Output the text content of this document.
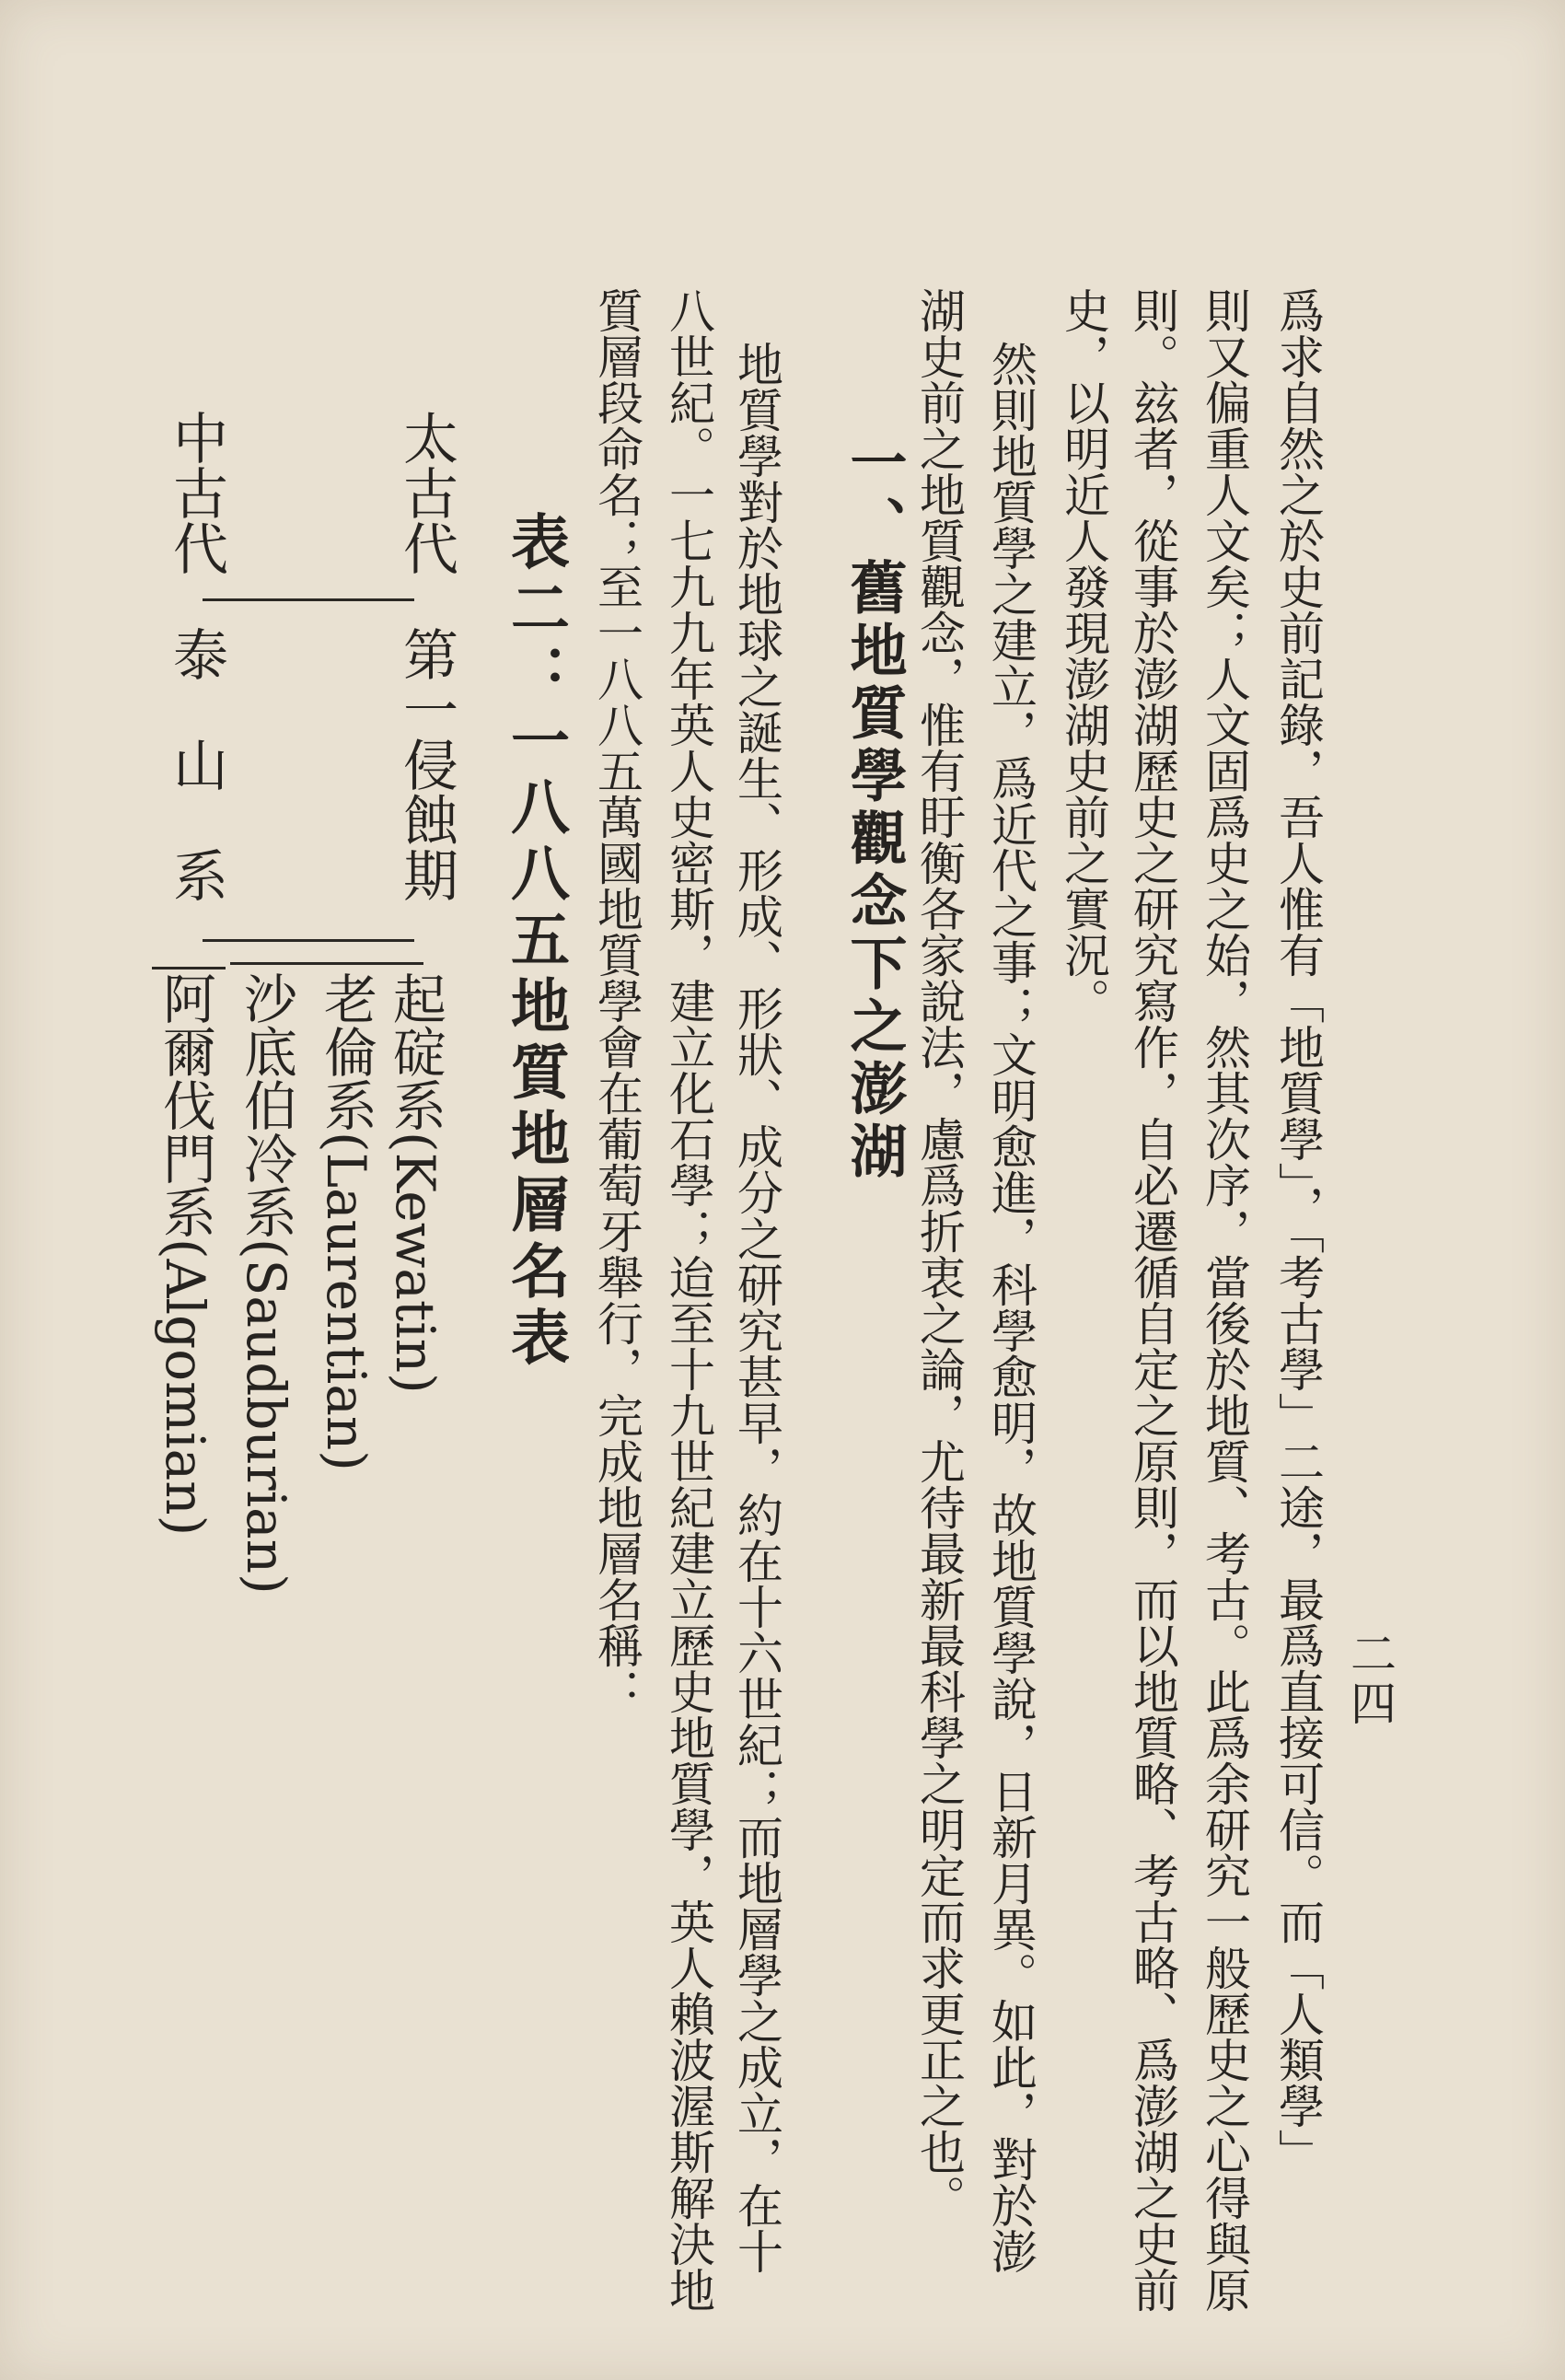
二四
爲求自然之於史前記錄，吾人惟有「地質學」，「考古學」二途，最爲直接可信。而「人類學」
則又偏重人文矣；人文固爲史之始，然其次序，當後於地質、考古。此爲余研究一般歷史之心得與原
則。玆者，從事於澎湖歷史之研究寫作，自必遷循自定之原則，而以地質略、考古略、爲澎湖之史前
史，以明近人發現澎湖史前之實況。
然則地質學之建立，爲近代之事；文明愈進，科學愈明，故地質學說，日新月異。如此，對於澎
湖史前之地質觀念，惟有盱衡各家說法，慮爲折衷之論，尤待最新最科學之明定而求更正之也。
一、舊地質學觀念下之澎湖
地質學對於地球之誕生、形成、形狀、成分之研究甚早，約在十六世紀；而地層學之成立，在十
八世紀。一七九九年英人史密斯，建立化石學；迨至十九世紀建立歷史地質學，英人賴波渥斯解決地
質層段命名；至一八八五萬國地質學會在葡萄牙舉行，完成地層名稱：
表二：一八八五地質地層名表
太古代
第一侵蝕期
起碇系(Kewatin)
老倫系(Laurentian)
中古代
泰　山　系
沙底伯冷系(Saudburian)
阿爾伐門系(Algomian)
